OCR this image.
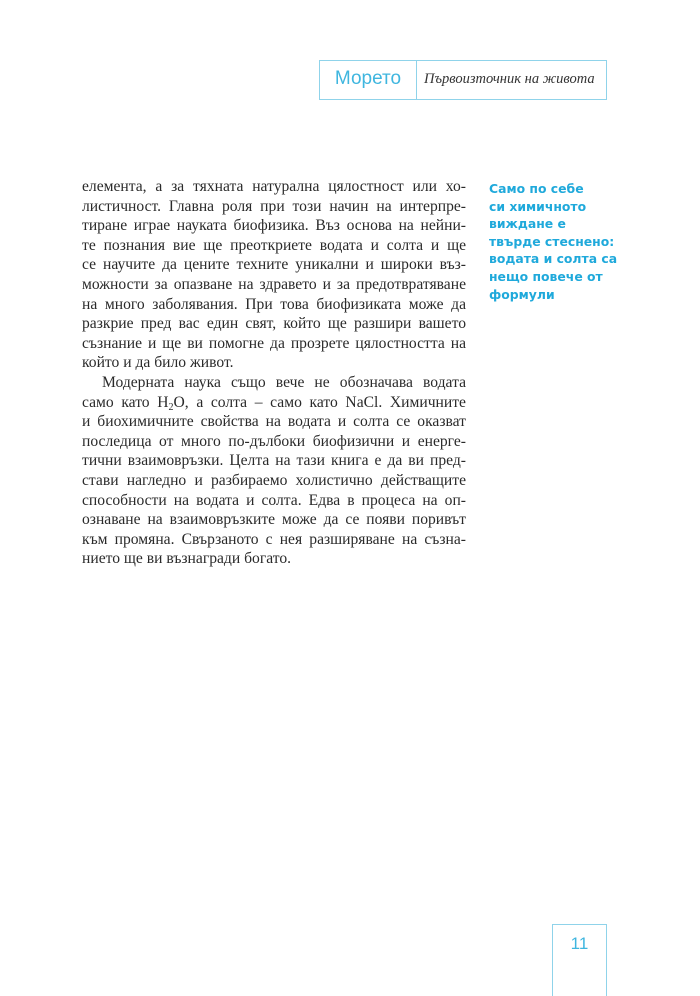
Морето	Първоизточник на живота

елемента, а за тяхната натурална цялостност или хо-
листичност. Главна роля при този начин на интерпре-
тиране играе науката биофизика. Въз основа на нейни-
те познания вие ще преоткриете водата и солта и ще
се научите да цените техните уникални и широки въз-
можности за опазване на здравето и за предотвратяване
на много заболявания. При това биофизиката може да
разкрие пред вас един свят, който ще разшири вашето
съзнание и ще ви помогне да прозрете цялостността на
който и да било живот.

Модерната наука също вече не обозначава водата
само като $H_2O$, а солта – само като NaCl. Химичните
и биохимичните свойства на водата и солта се оказват
последица от много по-дълбоки биофизични и енерге-
тични взаимовръзки. Целта на тази книга е да ви пред-
стави нагледно и разбираемо холистично действащите
способности на водата и солта. Едва в процеса на оп-
ознаване на взаимовръзките може да се появи поривът
към промяна. Свързаното с нея разширяване на съзна-
нието ще ви възнагради богато.

Само по себе
си химичното
виждане е
твърде стеснено:
водата и солта са
нещо повече от
формули
11
